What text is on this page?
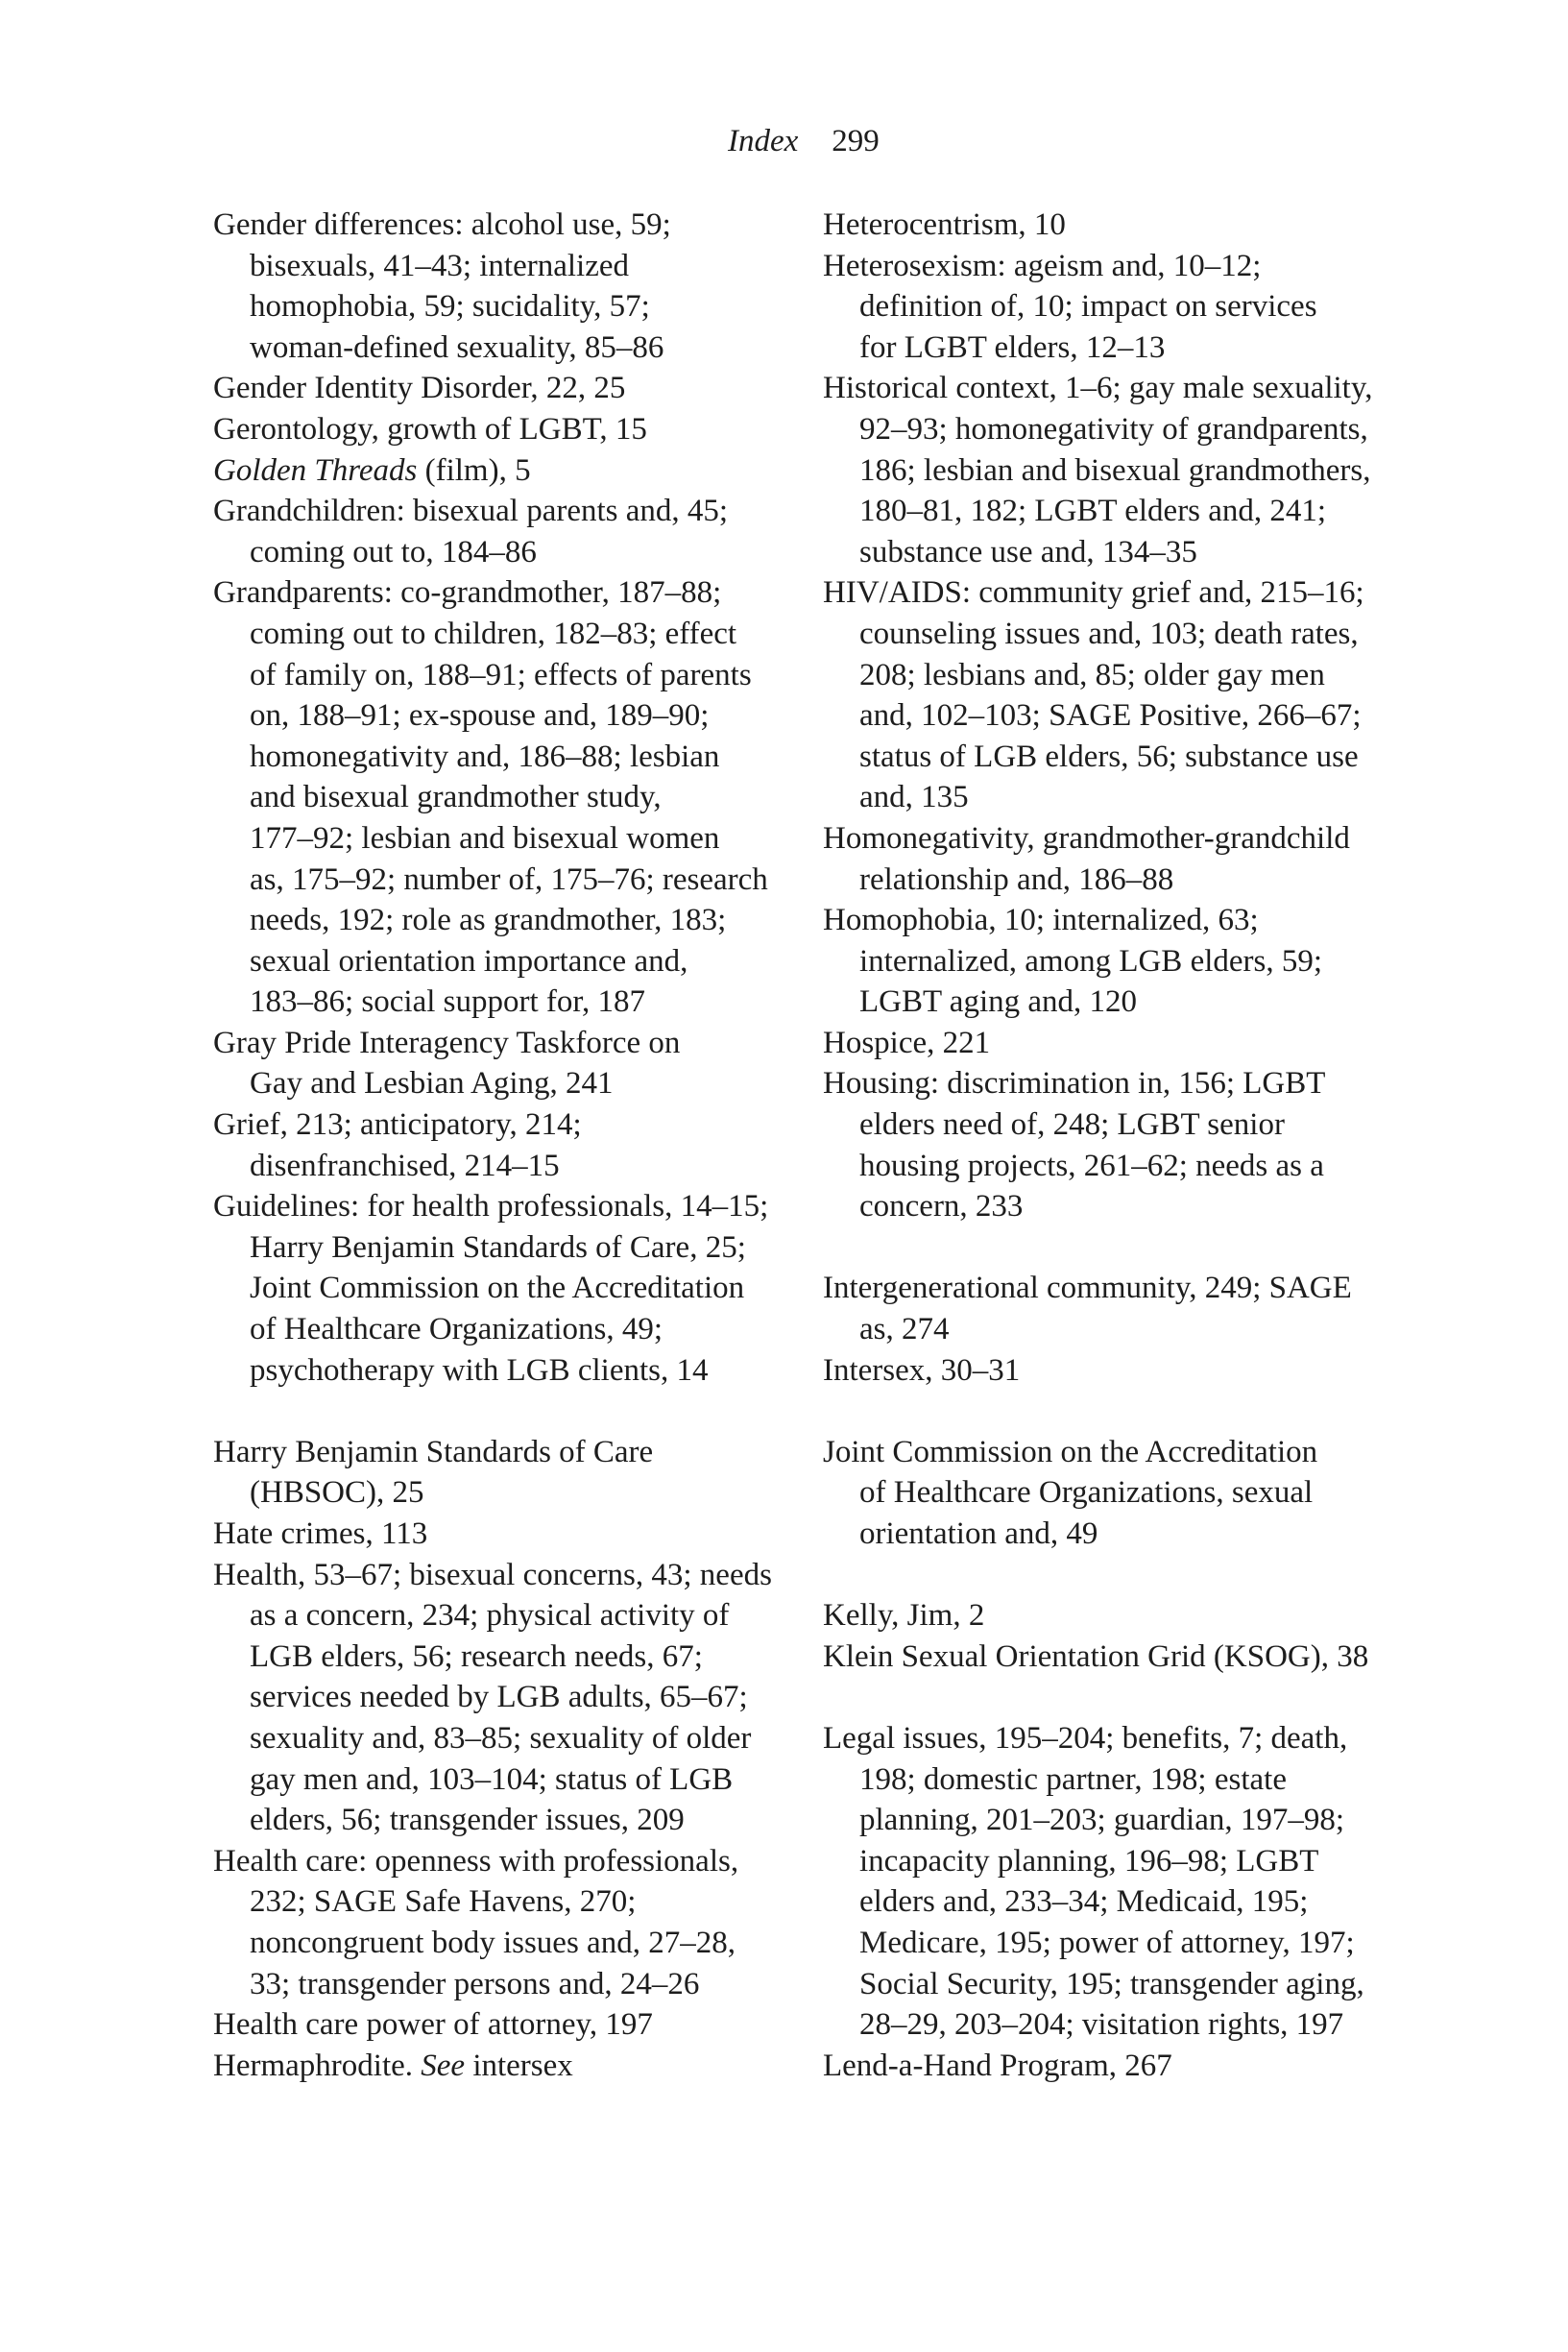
Index 299
Gender differences: alcohol use, 59;
bisexuals, 41–43; internalized
homophobia, 59; sucidality, 57;
woman-defined sexuality, 85–86
Gender Identity Disorder, 22, 25
Gerontology, growth of LGBT, 15
Golden Threads (film), 5
Grandchildren: bisexual parents and, 45;
coming out to, 184–86
Grandparents: co-grandmother, 187–88;
coming out to children, 182–83; effect
of family on, 188–91; effects of parents
on, 188–91; ex-spouse and, 189–90;
homonegativity and, 186–88; lesbian
and bisexual grandmother study,
177–92; lesbian and bisexual women
as, 175–92; number of, 175–76; research
needs, 192; role as grandmother, 183;
sexual orientation importance and,
183–86; social support for, 187
Gray Pride Interagency Taskforce on
Gay and Lesbian Aging, 241
Grief, 213; anticipatory, 214;
disenfranchised, 214–15
Guidelines: for health professionals, 14–15;
Harry Benjamin Standards of Care, 25;
Joint Commission on the Accreditation
of Healthcare Organizations, 49;
psychotherapy with LGB clients, 14
Harry Benjamin Standards of Care
(HBSOC), 25
Hate crimes, 113
Health, 53–67; bisexual concerns, 43; needs
as a concern, 234; physical activity of
LGB elders, 56; research needs, 67;
services needed by LGB adults, 65–67;
sexuality and, 83–85; sexuality of older
gay men and, 103–104; status of LGB
elders, 56; transgender issues, 209
Health care: openness with professionals,
232; SAGE Safe Havens, 270;
noncongruent body issues and, 27–28,
33; transgender persons and, 24–26
Health care power of attorney, 197
Hermaphrodite. See intersex
Heterocentrism, 10
Heterosexism: ageism and, 10–12;
definition of, 10; impact on services
for LGBT elders, 12–13
Historical context, 1–6; gay male sexuality,
92–93; homonegativity of grandparents,
186; lesbian and bisexual grandmothers,
180–81, 182; LGBT elders and, 241;
substance use and, 134–35
HIV/AIDS: community grief and, 215–16;
counseling issues and, 103; death rates,
208; lesbians and, 85; older gay men
and, 102–103; SAGE Positive, 266–67;
status of LGB elders, 56; substance use
and, 135
Homonegativity, grandmother-grandchild
relationship and, 186–88
Homophobia, 10; internalized, 63;
internalized, among LGB elders, 59;
LGBT aging and, 120
Hospice, 221
Housing: discrimination in, 156; LGBT
elders need of, 248; LGBT senior
housing projects, 261–62; needs as a
concern, 233
Intergenerational community, 249; SAGE
as, 274
Intersex, 30–31
Joint Commission on the Accreditation
of Healthcare Organizations, sexual
orientation and, 49
Kelly, Jim, 2
Klein Sexual Orientation Grid (KSOG), 38
Legal issues, 195–204; benefits, 7; death,
198; domestic partner, 198; estate
planning, 201–203; guardian, 197–98;
incapacity planning, 196–98; LGBT
elders and, 233–34; Medicaid, 195;
Medicare, 195; power of attorney, 197;
Social Security, 195; transgender aging,
28–29, 203–204; visitation rights, 197
Lend-a-Hand Program, 267
